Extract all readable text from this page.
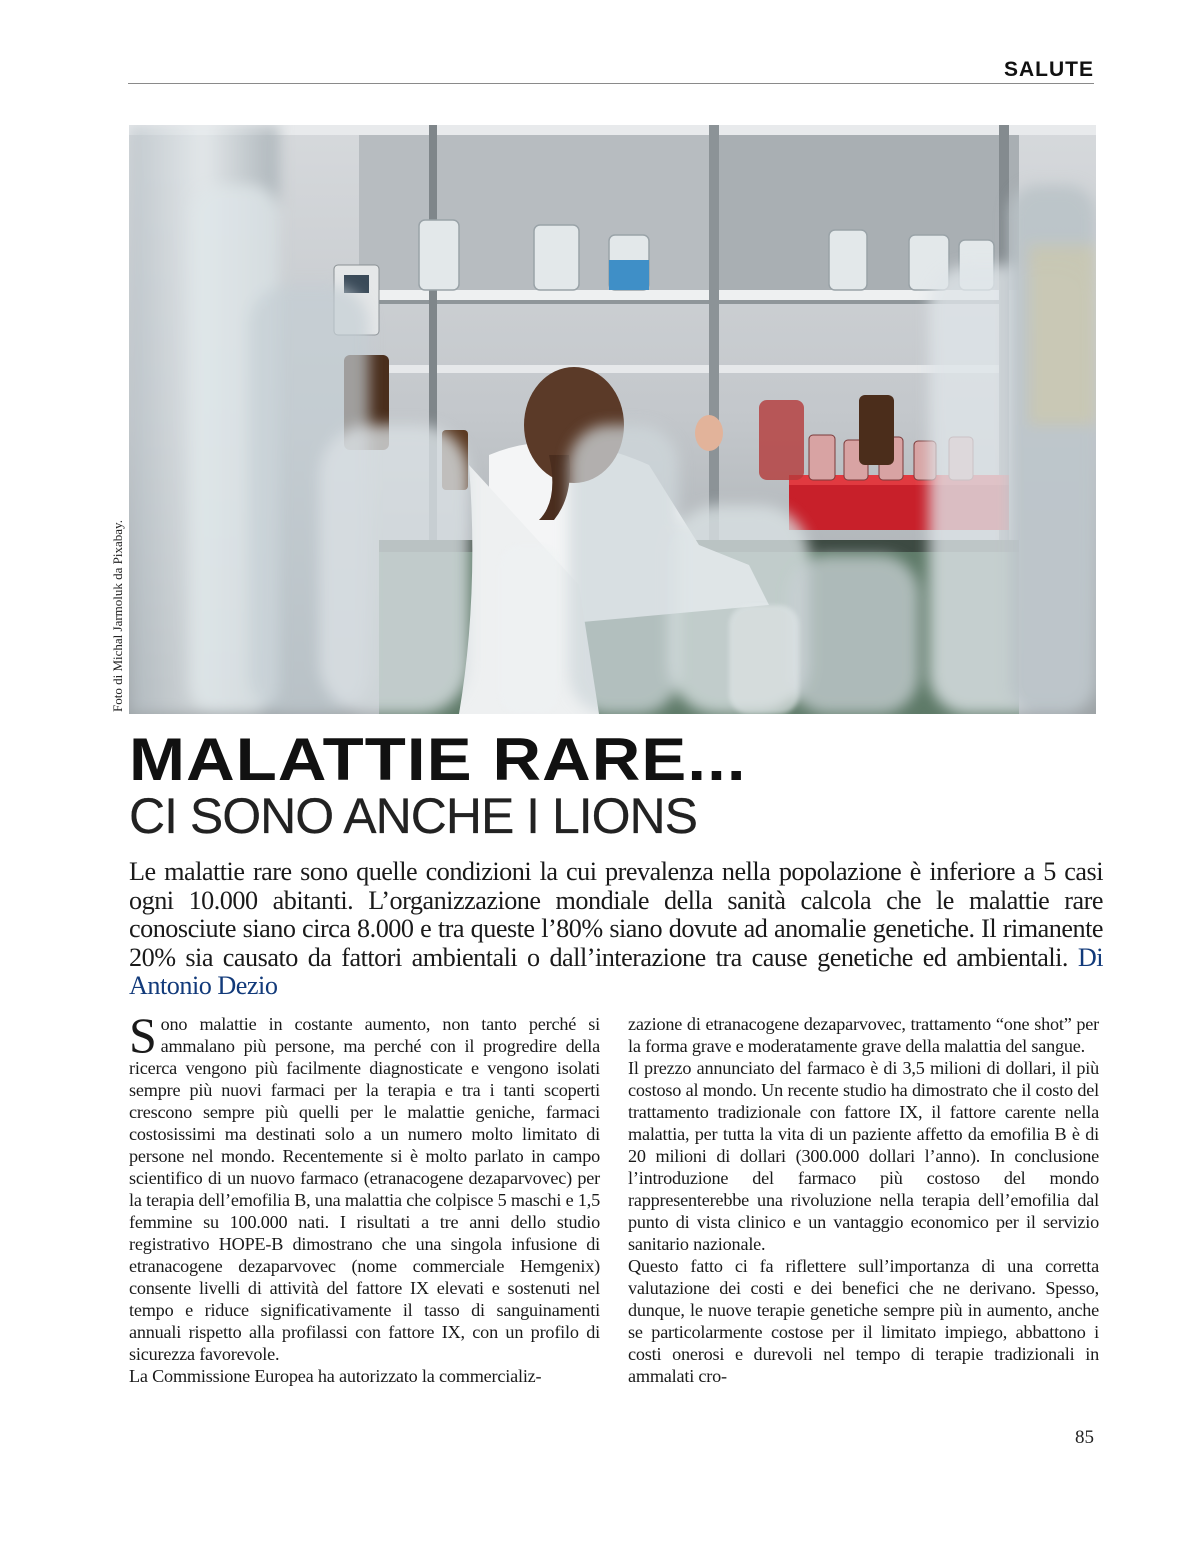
SALUTE
Foto di Michal Jarmoluk da Pixabay.
MALATTIE RARE...
CI SONO ANCHE I LIONS

Le malattie rare sono quelle condizioni la cui prevalenza nella popolazione è inferiore a 5 casi ogni 10.000 abitanti. L’organizzazione mondiale della sanità calcola che le malattie rare conosciute siano circa 8.000 e tra queste l’80% siano dovute ad anomalie genetiche. Il rimanente 20% sia causato da fattori ambientali o dall’interazione tra cause genetiche ed ambientali. Di Antonio Dezio

Sono malattie in costante aumento, non tanto perché si ammalano più persone, ma perché con il progredire della ricerca vengono più facilmente diagnosticate e vengono isolati sempre più nuovi farmaci per la terapia e tra i tanti scoperti crescono sempre più quelli per le malattie geniche, farmaci costosissimi ma destinati solo a un numero molto limitato di persone nel mondo. Recentemente si è molto parlato in campo scientifico di un nuovo farmaco (etranacogene dezaparvovec) per la terapia dell’emofilia B, una malattia che colpisce 5 maschi e 1,5 femmine su 100.000 nati. I risultati a tre anni dello studio registrativo HOPE-B dimostrano che una singola infusione di etranacogene dezaparvovec (nome commerciale Hemgenix) consente livelli di attività del fattore IX elevati e sostenuti nel tempo e riduce significativamente il tasso di sanguinamenti annuali rispetto alla profilassi con fattore IX, con un profilo di sicurezza favorevole.

La Commissione Europea ha autorizzato la commercializ-

zazione di etranacogene dezaparvovec, trattamento “one shot” per la forma grave e moderatamente grave della malattia del sangue.

Il prezzo annunciato del farmaco è di 3,5 milioni di dollari, il più costoso al mondo. Un recente studio ha dimostrato che il costo del trattamento tradizionale con fattore IX, il fattore carente nella malattia, per tutta la vita di un paziente affetto da emofilia B è di 20 milioni di dollari (300.000 dollari l’anno). In conclusione l’introduzione del farmaco più costoso del mondo rappresenterebbe una rivoluzione nella terapia dell’emofilia dal punto di vista clinico e un vantaggio economico per il servizio sanitario nazionale.

Questo fatto ci fa riflettere sull’importanza di una corretta valutazione dei costi e dei benefici che ne derivano. Spesso, dunque, le nuove terapie genetiche sempre più in aumento, anche se particolarmente costose per il limitato impiego, abbattono i costi onerosi e durevoli nel tempo di terapie tradizionali in ammalati cro-

85
